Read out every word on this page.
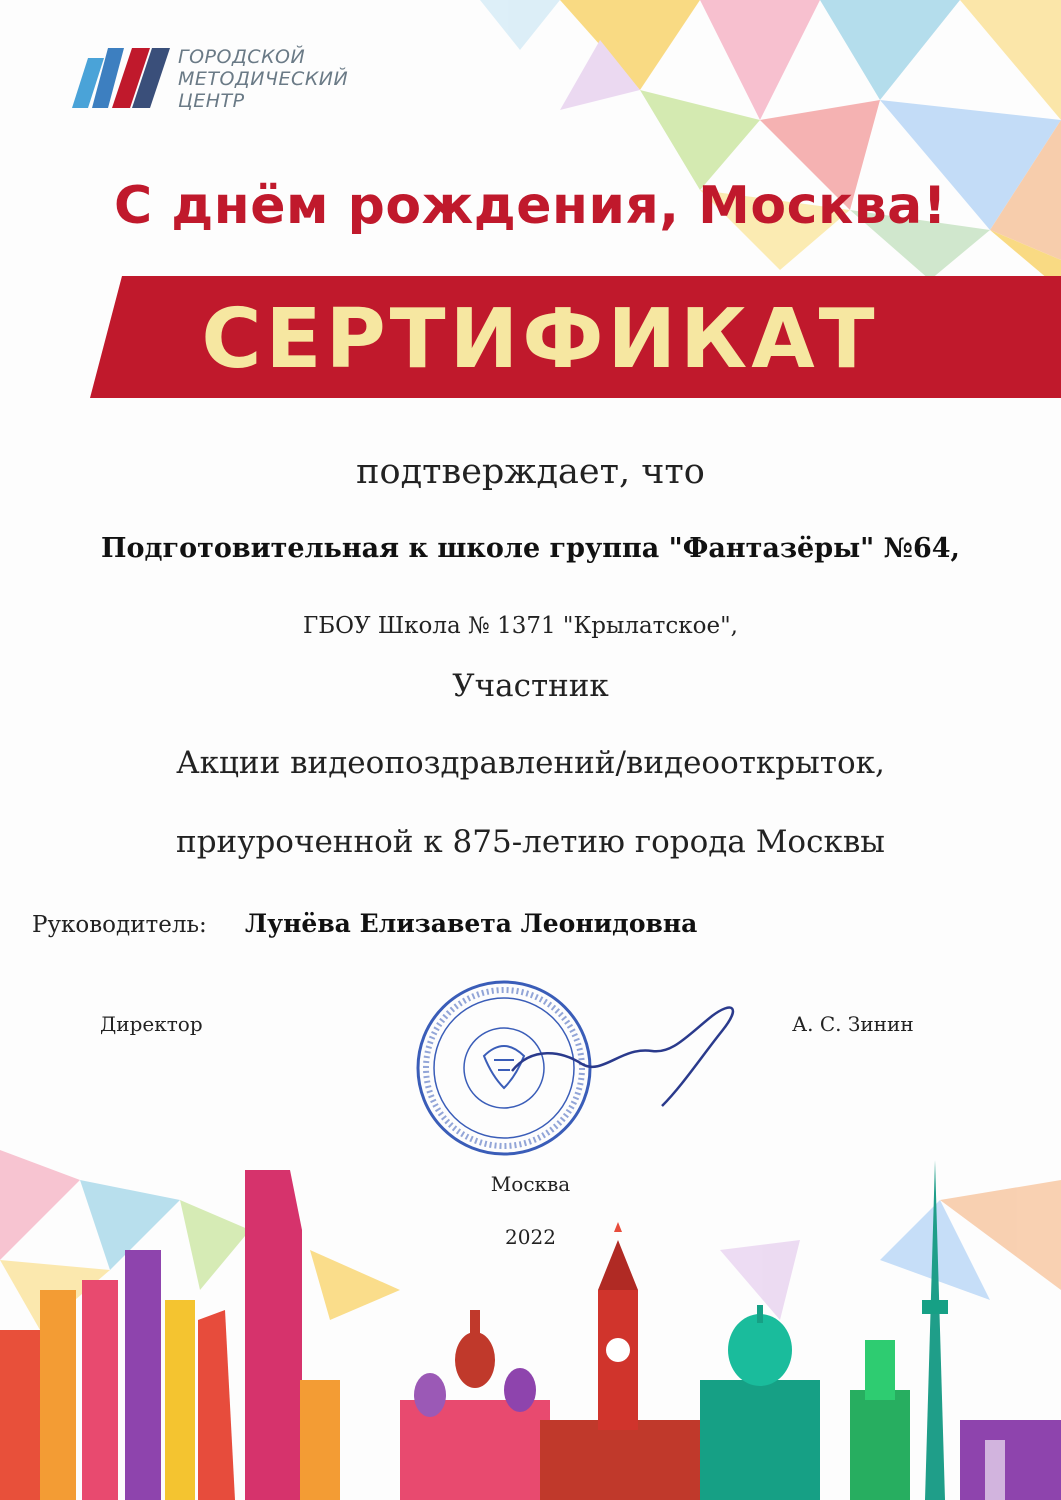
ГОРОДСКОЙ
МЕТОДИЧЕСКИЙ
ЦЕНТР
С днём рождения, Москва!
СЕРТИФИКАТ
подтверждает, что
Подготовительная к школе группа "Фантазёры" №64,
ГБОУ Школа № 1371 "Крылатское",
Участник
Акции видеопоздравлений/видеооткрыток,
приуроченной к 875-летию города Москвы
Руководитель: Лунёва Елизавета Леонидовна
Директор	А. С. Зинин
Москва
2022
